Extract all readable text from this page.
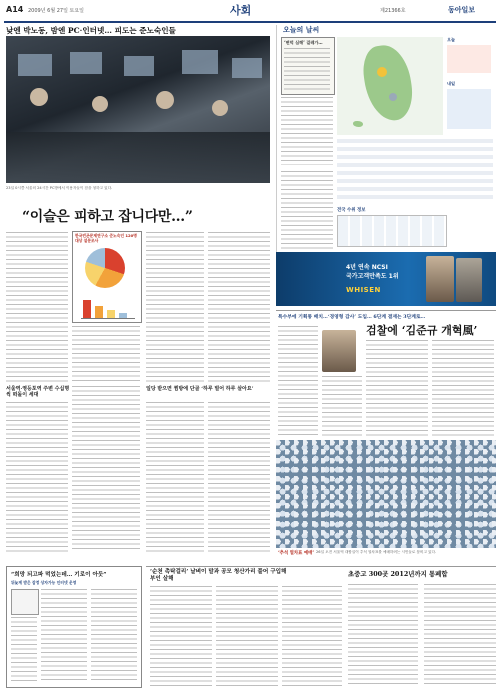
A14 2009년 6월 27일 토요일	사회	제21366호	동아일보
낮엔 박노동, 밤엔 PC·인터넷… 피도는 준노숙인들
23일 0시쯤 서울의 24시간 PC방에서 이용자들이 잠을 청하고 있다.
“이슬은 피하고 잡니다만…”
한국빈곤문제연구소 준노숙인 120명 대상 설문조사
서울역·영등포역 주변 수십명씩 떠돌이 세대
일당 받으면 찜방에 단골 ‘하루 벌어 하루 살아요’
오늘의 날씨
‘변덕 심해’ 걸레가…
오늘
내일
전국 수위 정보
4년 연속 NCSI
국가고객만족도 1위
WHISEN
특수부에 기획통 배치…‘경영형 감사’ 도입… 6단계 결재는 3단계로…
검찰에 ‘김준규 개혁風’
‘추석 열차표 예매’ 26일 오전 서울역 대합실이 추석 열차표를 예매하려는 시민들로 붐비고 있다.
‘순천 촉탁걸리’ 날벼이 말과 공모 청산가리 풀어 구입해 부인 살해
초중고 300곳 2012년까지 통폐합
“희망 되고파 먹었는데… 기로이 아듯”
뒤늦게 받은 감정 상자가능 인터넷 운영
